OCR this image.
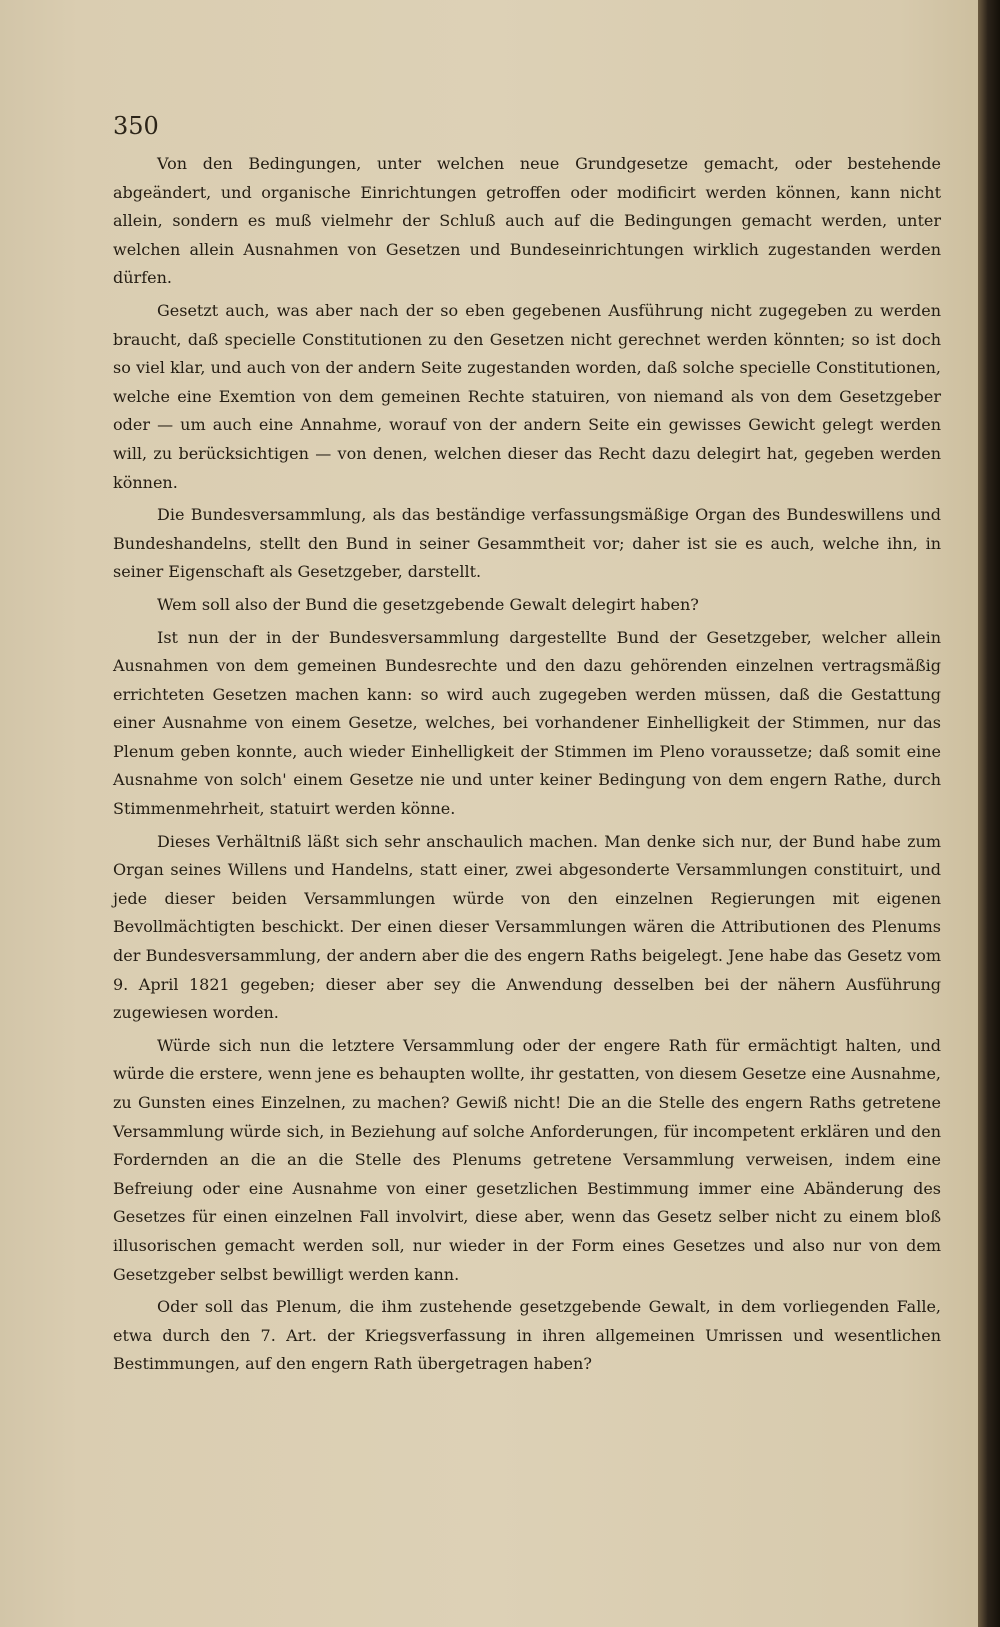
350

Von den Bedingungen, unter welchen neue Grundgesetze gemacht, oder bestehende abgeändert, und organische Einrichtungen getroffen oder modificirt werden können, kann nicht allein, sondern es muß vielmehr der Schluß auch auf die Bedingungen gemacht werden, unter welchen allein Ausnahmen von Gesetzen und Bundeseinrichtungen wirklich zugestanden werden dürfen.

Gesetzt auch, was aber nach der so eben gegebenen Ausführung nicht zugegeben zu werden braucht, daß specielle Constitutionen zu den Gesetzen nicht gerechnet werden könnten; so ist doch so viel klar, und auch von der andern Seite zugestanden worden, daß solche specielle Constitutionen, welche eine Exemtion von dem gemeinen Rechte statuiren, von niemand als von dem Gesetzgeber oder — um auch eine Annahme, worauf von der andern Seite ein gewisses Gewicht gelegt werden will, zu berücksichtigen — von denen, welchen dieser das Recht dazu delegirt hat, gegeben werden können.

Die Bundesversammlung, als das beständige verfassungsmäßige Organ des Bundeswillens und Bundeshandelns, stellt den Bund in seiner Gesammtheit vor; daher ist sie es auch, welche ihn, in seiner Eigenschaft als Gesetzgeber, darstellt.

Wem soll also der Bund die gesetzgebende Gewalt delegirt haben?

Ist nun der in der Bundesversammlung dargestellte Bund der Gesetzgeber, welcher allein Ausnahmen von dem gemeinen Bundesrechte und den dazu gehörenden einzelnen vertragsmäßig errichteten Gesetzen machen kann: so wird auch zugegeben werden müssen, daß die Gestattung einer Ausnahme von einem Gesetze, welches, bei vorhandener Einhelligkeit der Stimmen, nur das Plenum geben konnte, auch wieder Einhelligkeit der Stimmen im Pleno voraussetze; daß somit eine Ausnahme von solch' einem Gesetze nie und unter keiner Bedingung von dem engern Rathe, durch Stimmenmehrheit, statuirt werden könne.

Dieses Verhältniß läßt sich sehr anschaulich machen. Man denke sich nur, der Bund habe zum Organ seines Willens und Handelns, statt einer, zwei abgesonderte Versammlungen constituirt, und jede dieser beiden Versammlungen würde von den einzelnen Regierungen mit eigenen Bevollmächtigten beschickt. Der einen dieser Versammlungen wären die Attributionen des Plenums der Bundesversammlung, der andern aber die des engern Raths beigelegt. Jene habe das Gesetz vom 9. April 1821 gegeben; dieser aber sey die Anwendung desselben bei der nähern Ausführung zugewiesen worden.

Würde sich nun die letztere Versammlung oder der engere Rath für ermächtigt halten, und würde die erstere, wenn jene es behaupten wollte, ihr gestatten, von diesem Gesetze eine Ausnahme, zu Gunsten eines Einzelnen, zu machen? Gewiß nicht! Die an die Stelle des engern Raths getretene Versammlung würde sich, in Beziehung auf solche Anforderungen, für incompetent erklären und den Fordernden an die an die Stelle des Plenums getretene Versammlung verweisen, indem eine Befreiung oder eine Ausnahme von einer gesetzlichen Bestimmung immer eine Abänderung des Gesetzes für einen einzelnen Fall involvirt, diese aber, wenn das Gesetz selber nicht zu einem bloß illusorischen gemacht werden soll, nur wieder in der Form eines Gesetzes und also nur von dem Gesetzgeber selbst bewilligt werden kann.

Oder soll das Plenum, die ihm zustehende gesetzgebende Gewalt, in dem vorliegenden Falle, etwa durch den 7. Art. der Kriegsverfassung in ihren allgemeinen Umrissen und wesentlichen Bestimmungen, auf den engern Rath übergetragen haben?
